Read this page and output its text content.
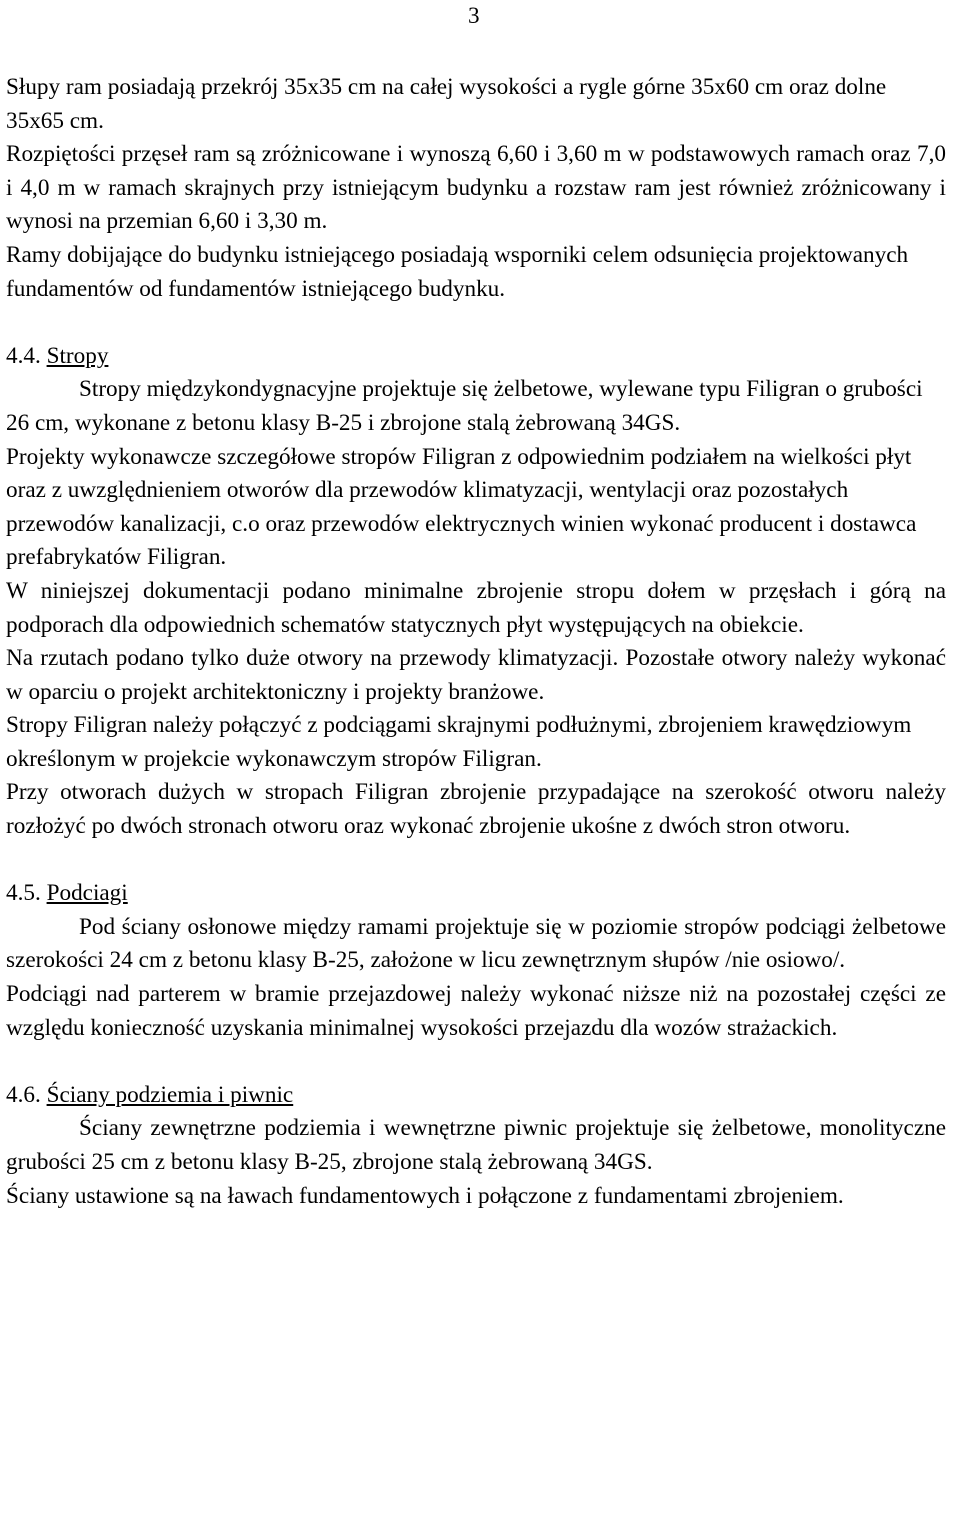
3

Słupy ram posiadają przekrój 35x35 cm na całej wysokości a rygle górne 35x60 cm oraz dolne 35x65 cm.

Rozpiętości przęseł ram są zróżnicowane i wynoszą 6,60 i 3,60 m w podstawowych ramach oraz 7,0 i 4,0 m w ramach skrajnych przy istniejącym budynku a rozstaw ram jest również zróżnicowany i wynosi na przemian 6,60 i 3,30 m.

Ramy dobijające do budynku istniejącego posiadają wsporniki celem odsunięcia projektowanych fundamentów od fundamentów istniejącego budynku.

4.4. Stropy

Stropy międzykondygnacyjne projektuje się żelbetowe, wylewane typu Filigran o grubości 26 cm, wykonane z betonu klasy B-25 i zbrojone stalą żebrowaną 34GS.

Projekty wykonawcze szczegółowe stropów Filigran z odpowiednim podziałem na wielkości płyt oraz z uwzględnieniem otworów dla przewodów klimatyzacji, wentylacji oraz pozostałych przewodów kanalizacji, c.o oraz przewodów elektrycznych winien wykonać producent i dostawca prefabrykatów Filigran.

W niniejszej dokumentacji podano minimalne zbrojenie stropu dołem w przęsłach i górą na podporach dla odpowiednich schematów statycznych płyt występujących na obiekcie.

Na rzutach podano tylko duże otwory na przewody klimatyzacji. Pozostałe otwory należy wykonać w oparciu o projekt architektoniczny i projekty branżowe.

Stropy Filigran należy połączyć z podciągami skrajnymi podłużnymi, zbrojeniem krawędziowym określonym w projekcie wykonawczym stropów Filigran.

Przy otworach dużych w stropach Filigran zbrojenie przypadające na szerokość otworu należy rozłożyć po dwóch stronach otworu oraz wykonać zbrojenie ukośne z dwóch stron otworu.

4.5. Podciagi

Pod ściany osłonowe między ramami projektuje się w poziomie stropów podciągi żelbetowe szerokości 24 cm z betonu klasy B-25, założone w licu zewnętrznym słupów /nie osiowo/.

Podciągi nad parterem w bramie przejazdowej należy wykonać niższe niż na pozostałej części ze względu konieczność uzyskania minimalnej wysokości przejazdu dla wozów strażackich.

4.6. Ściany podziemia i piwnic

Ściany zewnętrzne podziemia i wewnętrzne piwnic projektuje się żelbetowe, monolityczne grubości 25 cm z betonu klasy B-25, zbrojone stalą żebrowaną 34GS.

Ściany ustawione są na ławach fundamentowych i połączone z fundamentami zbrojeniem.
